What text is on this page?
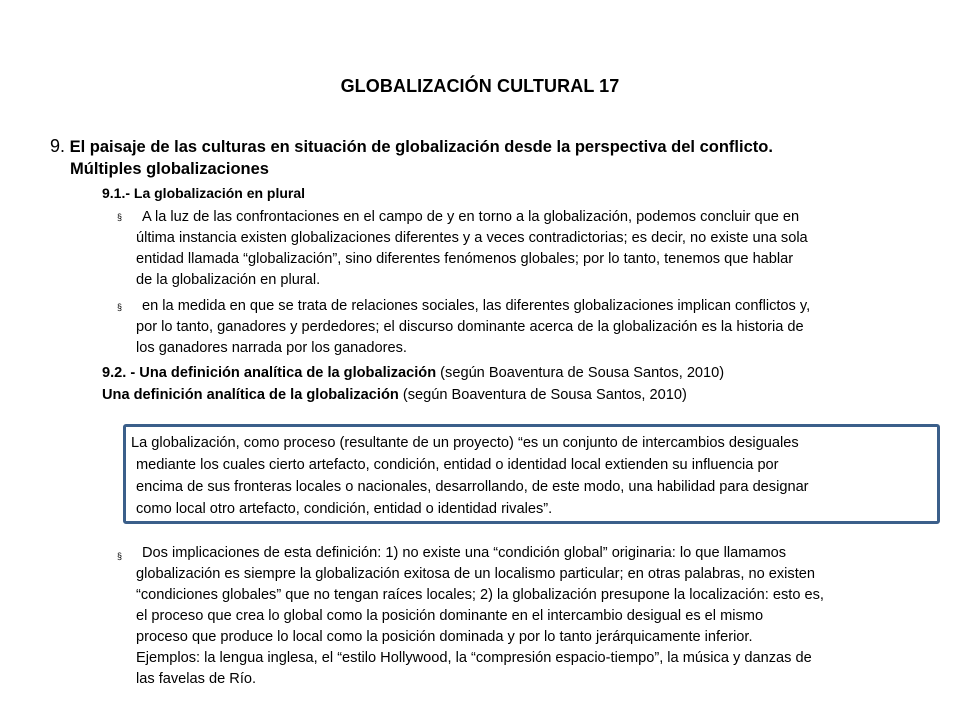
GLOBALIZACIÓN CULTURAL 17
9. El paisaje de las culturas en situación de globalización desde la perspectiva del conflicto.
Múltiples globalizaciones
9.1.- La globalización en plural
§ A la luz de las confrontaciones en el campo de y en torno a la globalización, podemos concluir que en
última instancia existen globalizaciones diferentes y a veces contradictorias; es decir, no existe una sola
entidad llamada “globalización”, sino diferentes fenómenos globales; por lo tanto, tenemos que hablar
de la globalización en plural.
§ en la medida en que se trata de relaciones sociales, las diferentes globalizaciones implican conflictos y,
por lo tanto, ganadores y perdedores; el discurso dominante acerca de la globalización es la historia de
los ganadores narrada por los ganadores.
9.2. - Una definición analítica de la globalización (según Boaventura de Sousa Santos, 2010)
Una definición analítica de la globalización (según Boaventura de Sousa Santos, 2010)
La globalización, como proceso (resultante de un proyecto) “es un conjunto de intercambios desiguales
mediante los cuales cierto artefacto, condición, entidad o identidad local extienden su influencia por
encima de sus fronteras locales o nacionales, desarrollando, de este modo, una habilidad para designar
como local otro artefacto, condición, entidad o identidad rivales”.
§ Dos implicaciones de esta definición: 1) no existe una “condición global” originaria: lo que llamamos
globalización es siempre la globalización exitosa de un localismo particular; en otras palabras, no existen
“condiciones globales” que no tengan raíces locales; 2) la globalización presupone la localización: esto es,
el proceso que crea lo global como la posición dominante en el intercambio desigual es el mismo
proceso que produce lo local como la posición dominada y por lo tanto jerárquicamente inferior.
Ejemplos: la lengua inglesa, el “estilo Hollywood, la “compresión espacio-tiempo”, la música y danzas de
las favelas de Río.
